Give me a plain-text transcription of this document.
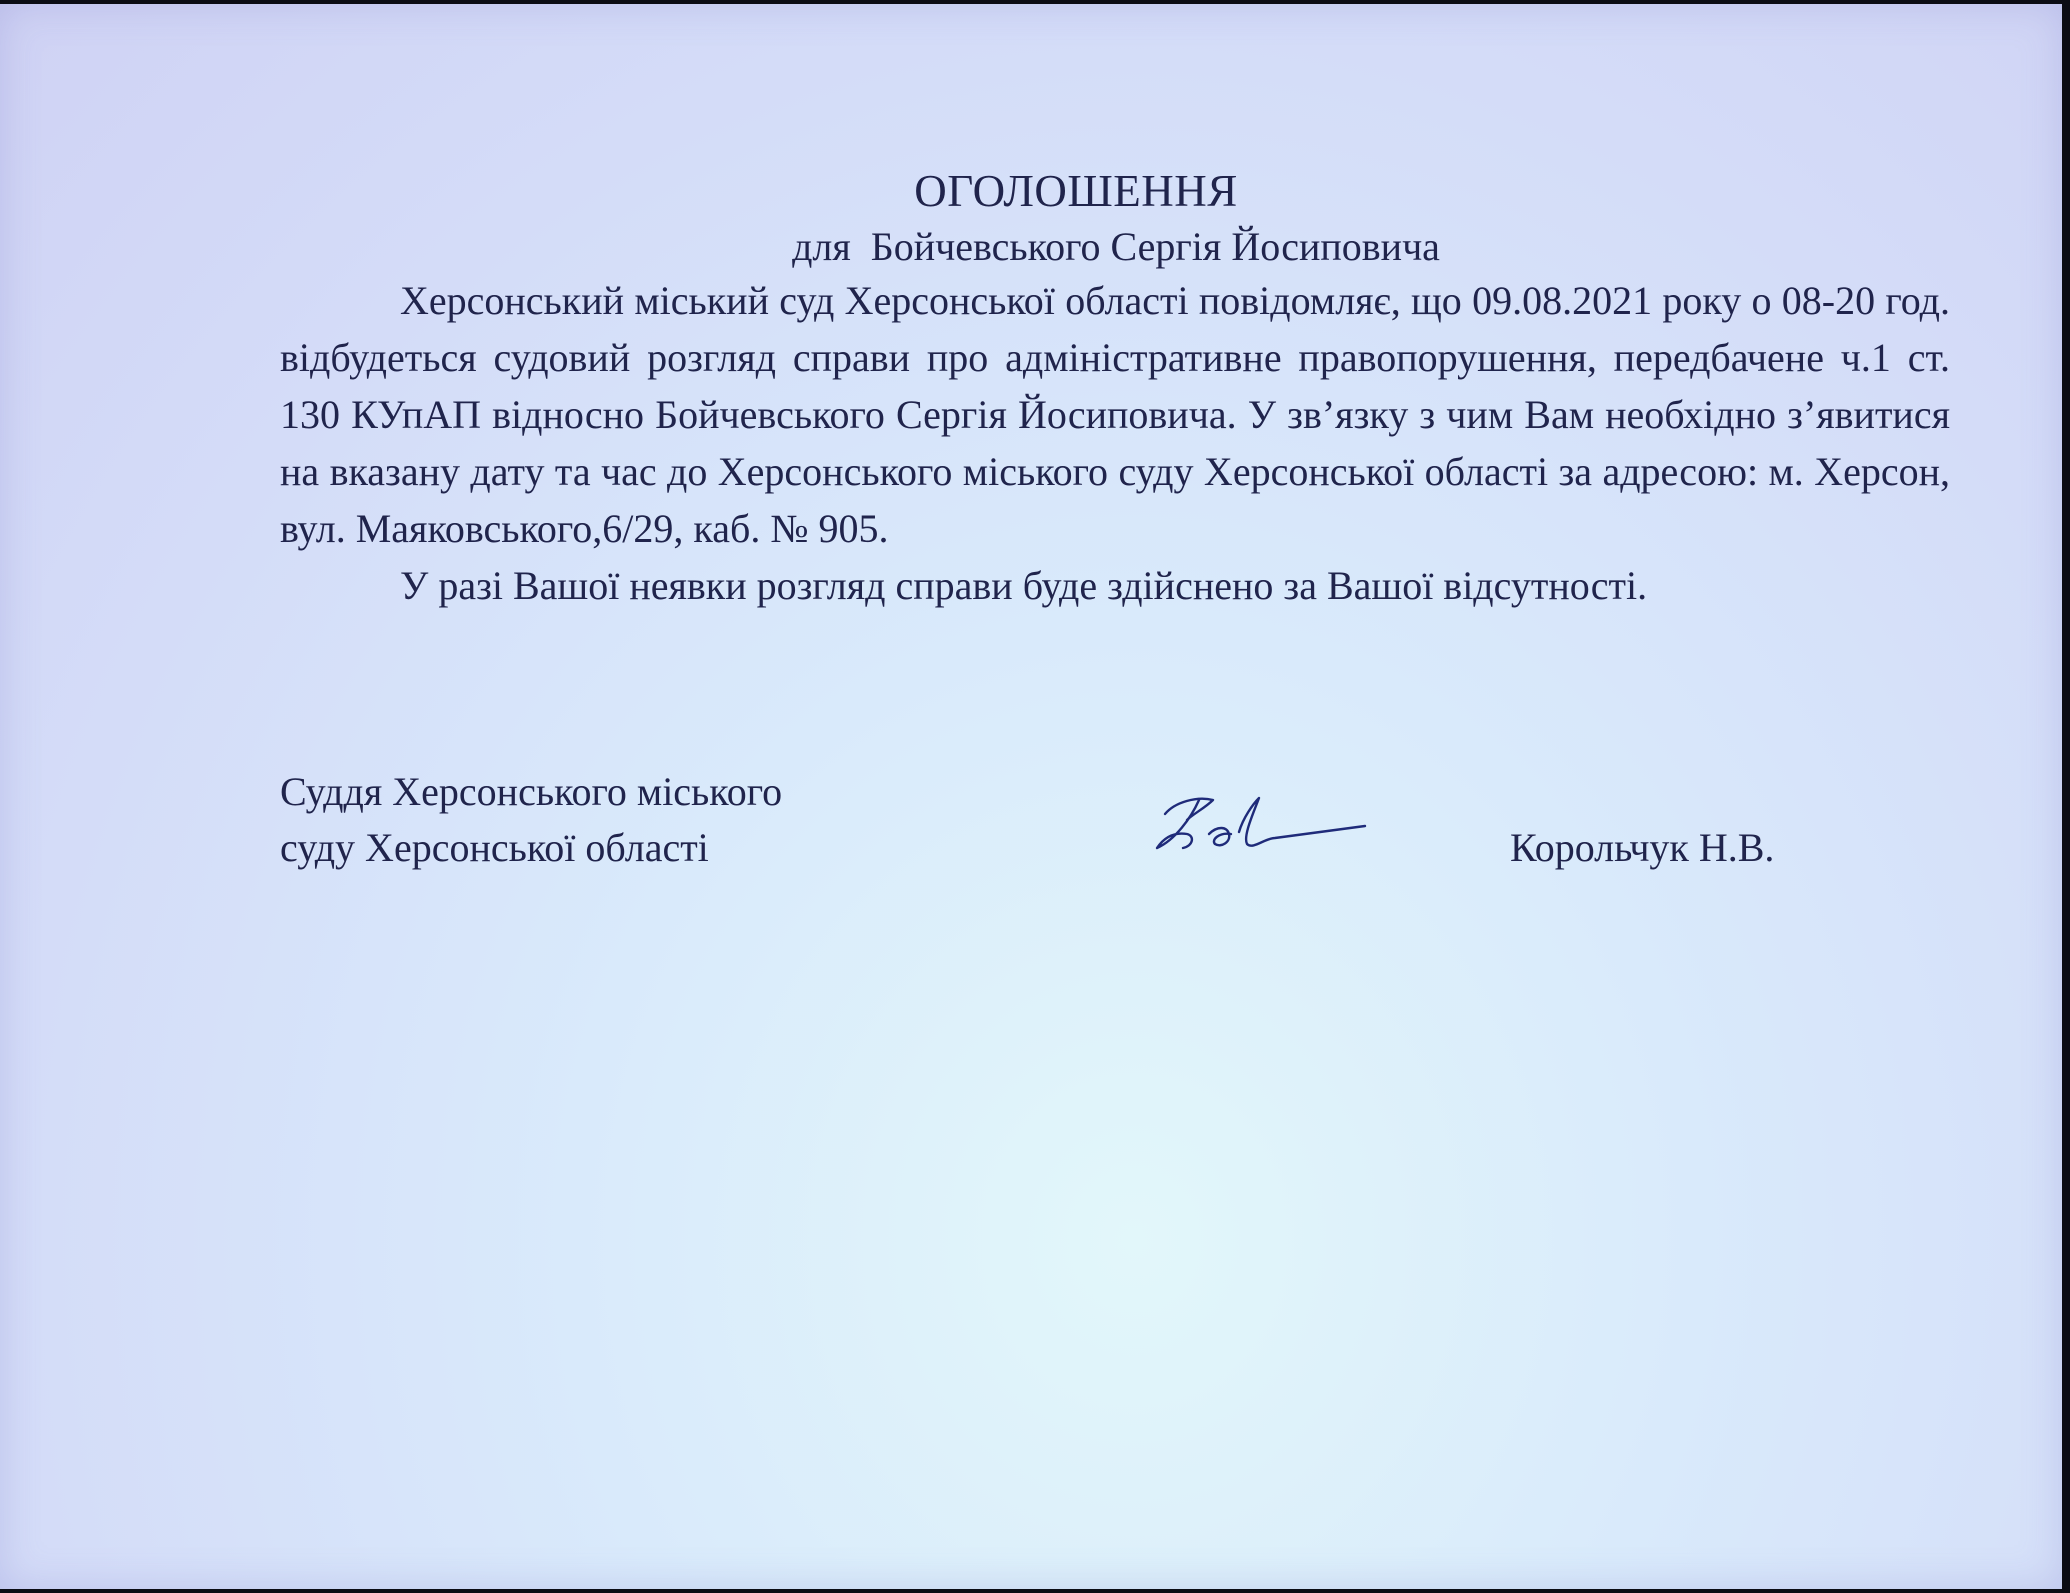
ОГОЛОШЕННЯ
для  Бойчевського Сергія Йосиповича

Херсонський міський суд Херсонської області повідомляє, що 09.08.2021 року о 08-20 год. відбудеться судовий розгляд справи про адміністративне правопорушення, передбачене ч.1 ст. 130 КУпАП відносно Бойчевського Сергія Йосиповича. У зв’язку з чим Вам необхідно з’явитися на вказану дату та час до Херсонського міського суду Херсонської області за адресою: м. Херсон, вул. Маяковського,6/29, каб. № 905.

У разі Вашої неявки розгляд справи буде здійснено за Вашої відсутності.

Суддя Херсонського міського
суду Херсонської області	Корольчук Н.В.
